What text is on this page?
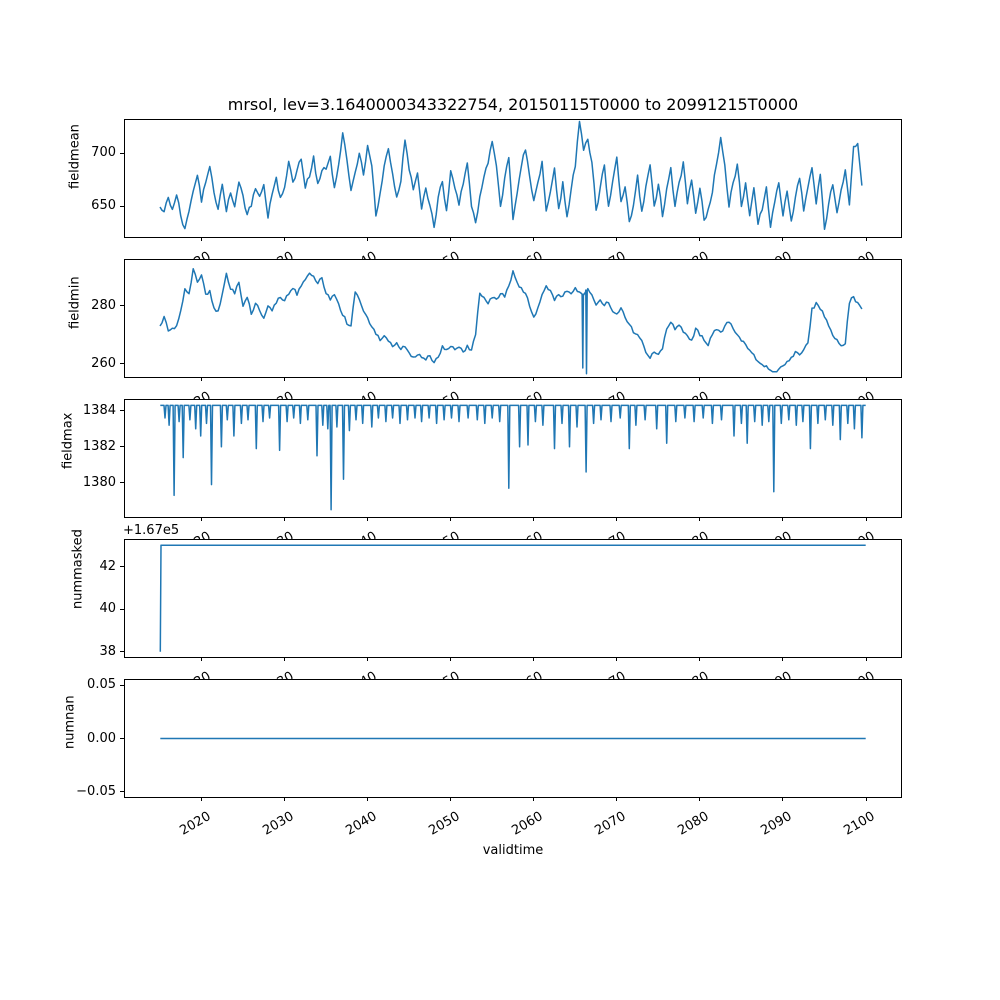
mrsol, lev=3.1640000343322754, 20150115T0000 to 20991215T0000
fieldmean
650
700
fieldmin
260
280
fieldmax
1380
1382
1384
nummasked	+1.67e5
38
40
42
numnan
−0.05
0.00
0.05
2020	2030	2040	2050	2060	2070	2080	2090	2100
validtime
